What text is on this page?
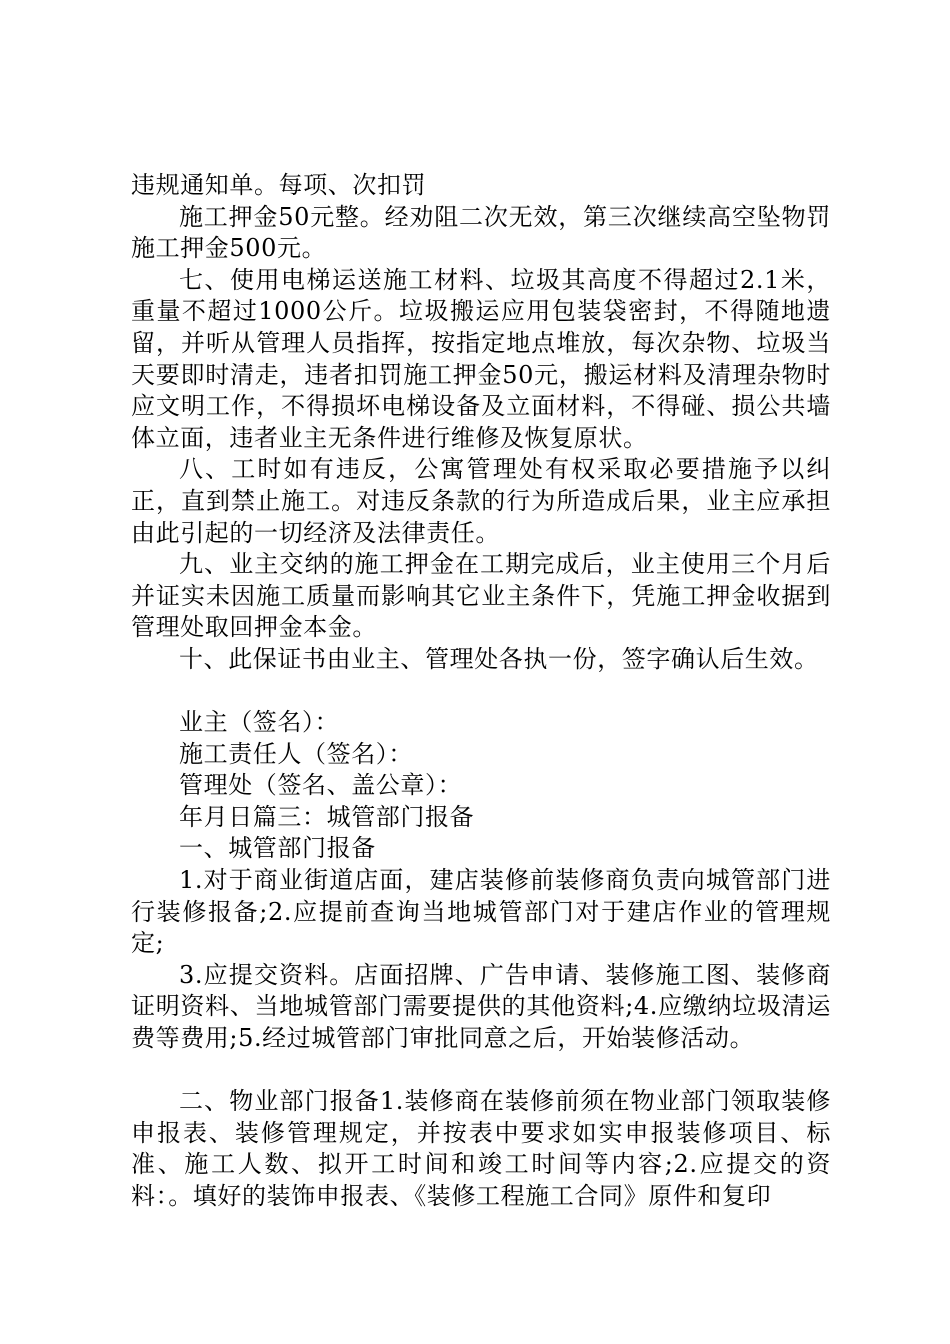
违规通知单。每项、次扣罚

施工押金50元整。经劝阻二次无效，第三次继续高空坠物罚施工押金500元。

七、使用电梯运送施工材料、垃圾其高度不得超过2.1米，重量不超过1000公斤。垃圾搬运应用包装袋密封，不得随地遗留，并听从管理人员指挥，按指定地点堆放，每次杂物、垃圾当天要即时清走，违者扣罚施工押金50元，搬运材料及清理杂物时应文明工作，不得损坏电梯设备及立面材料，不得碰、损公共墙体立面，违者业主无条件进行维修及恢复原状。

八、工时如有违反，公寓管理处有权采取必要措施予以纠正，直到禁止施工。对违反条款的行为所造成后果，业主应承担由此引起的一切经济及法律责任。

九、业主交纳的施工押金在工期完成后，业主使用三个月后并证实未因施工质量而影响其它业主条件下，凭施工押金收据到管理处取回押金本金。

十、此保证书由业主、管理处各执一份，签字确认后生效。

业主（签名）：

施工责任人（签名）：

管理处（签名、盖公章）：

年月日篇三：城管部门报备

一、城管部门报备

1.对于商业街道店面，建店装修前装修商负责向城管部门进行装修报备;2.应提前查询当地城管部门对于建店作业的管理规定;

3.应提交资料。店面招牌、广告申请、装修施工图、装修商证明资料、当地城管部门需要提供的其他资料;4.应缴纳垃圾清运费等费用;5.经过城管部门审批同意之后，开始装修活动。

二、物业部门报备1.装修商在装修前须在物业部门领取装修申报表、装修管理规定，并按表中要求如实申报装修项目、标准、施工人数、拟开工时间和竣工时间等内容;2.应提交的资料：。填好的装饰申报表、《装修工程施工合同》原件和复印
